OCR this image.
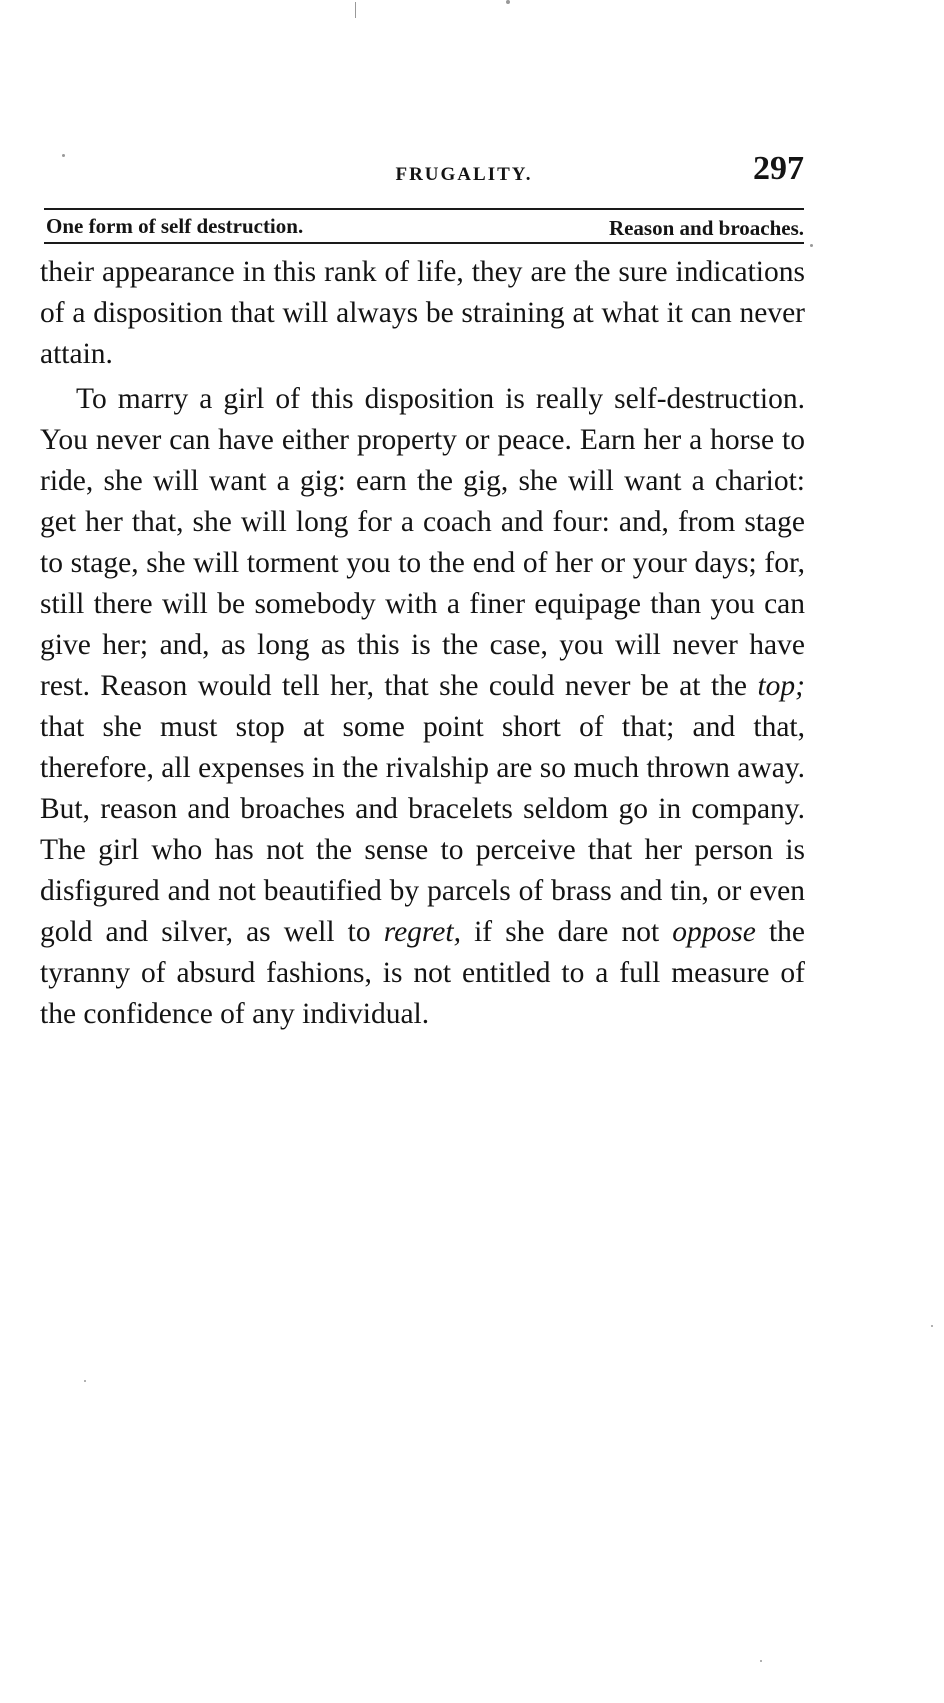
FRUGALITY.	297
One form of self destruction.	Reason and broaches.

their appearance in this rank of life, they are the sure indications of a disposition that will always be straining at what it can never attain.

To marry a girl of this disposition is really self-destruction. You never can have either property or peace. Earn her a horse to ride, she will want a gig: earn the gig, she will want a chariot: get her that, she will long for a coach and four: and, from stage to stage, she will torment you to the end of her or your days; for, still there will be somebody with a finer equipage than you can give her; and, as long as this is the case, you will never have rest. Reason would tell her, that she could never be at the top; that she must stop at some point short of that; and that, therefore, all expenses in the rivalship are so much thrown away. But, reason and broaches and bracelets seldom go in company. The girl who has not the sense to perceive that her person is disfigured and not beautified by parcels of brass and tin, or even gold and silver, as well to regret, if she dare not oppose the tyranny of absurd fashions, is not entitled to a full measure of the confidence of any individual.
